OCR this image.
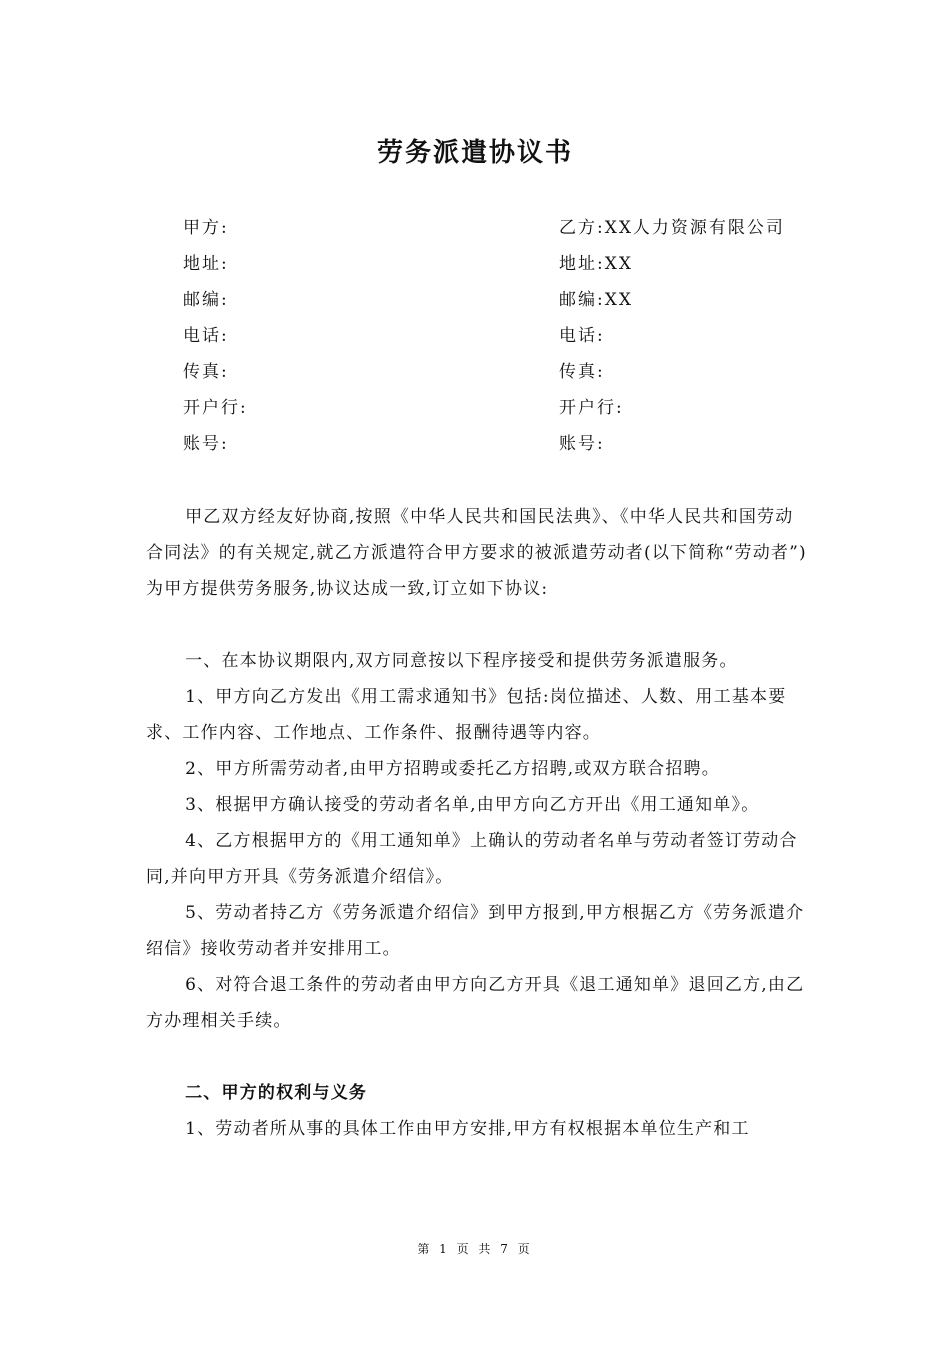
劳务派遣协议书
甲方:
地址:
邮编:
电话:
传真:
开户行:
账号:
乙方:XX人力资源有限公司
地址:XX
邮编:XX
电话:
传真:
开户行:
账号:

甲乙双方经友好协商,按照《中华人民共和国民法典》、《中华人民共和国劳动合同法》的有关规定,就乙方派遣符合甲方要求的被派遣劳动者(以下简称“劳动者”)为甲方提供劳务服务,协议达成一致,订立如下协议:

一、在本协议期限内,双方同意按以下程序接受和提供劳务派遣服务。

1、甲方向乙方发出《用工需求通知书》包括:岗位描述、人数、用工基本要求、工作内容、工作地点、工作条件、报酬待遇等内容。

2、甲方所需劳动者,由甲方招聘或委托乙方招聘,或双方联合招聘。

3、根据甲方确认接受的劳动者名单,由甲方向乙方开出《用工通知单》。

4、乙方根据甲方的《用工通知单》上确认的劳动者名单与劳动者签订劳动合同,并向甲方开具《劳务派遣介绍信》。

5、劳动者持乙方《劳务派遣介绍信》到甲方报到,甲方根据乙方《劳务派遣介绍信》接收劳动者并安排用工。

6、对符合退工条件的劳动者由甲方向乙方开具《退工通知单》退回乙方,由乙方办理相关手续。

二、甲方的权利与义务

1、劳动者所从事的具体工作由甲方安排,甲方有权根据本单位生产和工

第 1 页 共 7 页
